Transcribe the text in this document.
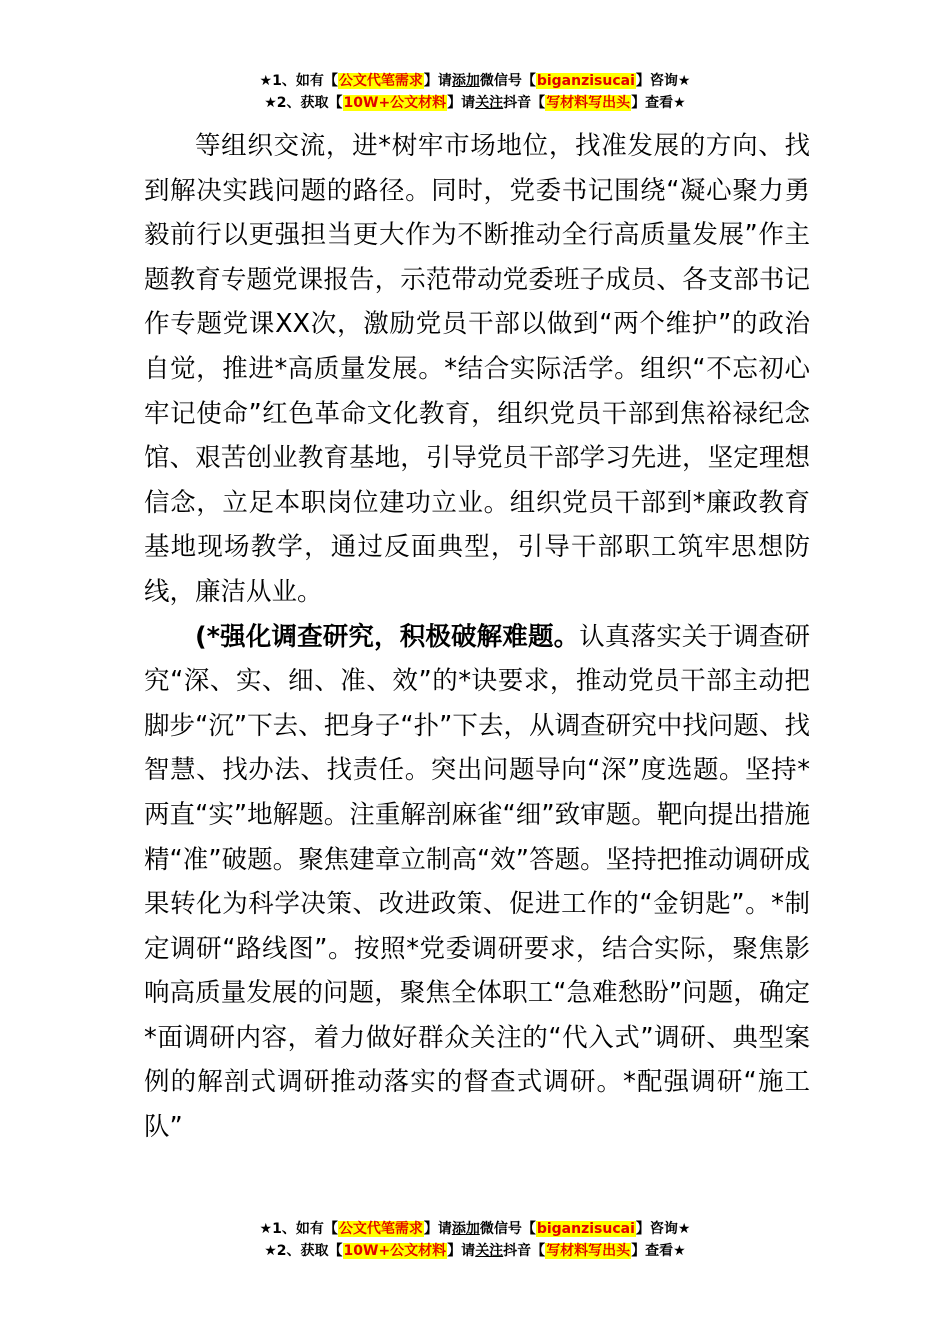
★1、如有【公文代笔需求】请添加微信号【biganzisucai】咨询★
★2、获取【10W+公文材料】请关注抖音【写材料写出头】查看★

等组织交流，进*树牢市场地位，找准发展的方向、找到解决实践问题的路径。同时，党委书记围绕“凝心聚力勇毅前行以更强担当更大作为不断推动全行高质量发展”作主题教育专题党课报告，示范带动党委班子成员、各支部书记作专题党课XX次，激励党员干部以做到“两个维护”的政治自觉，推进*高质量发展。*结合实际活学。组织“不忘初心牢记使命”红色革命文化教育，组织党员干部到焦裕禄纪念馆、艰苦创业教育基地，引导党员干部学习先进，坚定理想信念，立足本职岗位建功立业。组织党员干部到*廉政教育基地现场教学，通过反面典型，引导干部职工筑牢思想防线，廉洁从业。

(*强化调查研究，积极破解难题。认真落实关于调查研究“深、实、细、准、效”的*诀要求，推动党员干部主动把脚步“沉”下去、把身子“扑”下去，从调查研究中找问题、找智慧、找办法、找责任。突出问题导向“深”度选题。坚持*两直“实”地解题。注重解剖麻雀“细”致审题。靶向提出措施精“准”破题。聚焦建章立制高“效”答题。坚持把推动调研成果转化为科学决策、改进政策、促进工作的“金钥匙”。*制定调研“路线图”。按照*党委调研要求，结合实际，聚焦影响高质量发展的问题，聚焦全体职工“急难愁盼”问题，确定*面调研内容，着力做好群众关注的“代入式”调研、典型案例的解剖式调研推动落实的督查式调研。*配强调研“施工队”

★1、如有【公文代笔需求】请添加微信号【biganzisucai】咨询★
★2、获取【10W+公文材料】请关注抖音【写材料写出头】查看★
